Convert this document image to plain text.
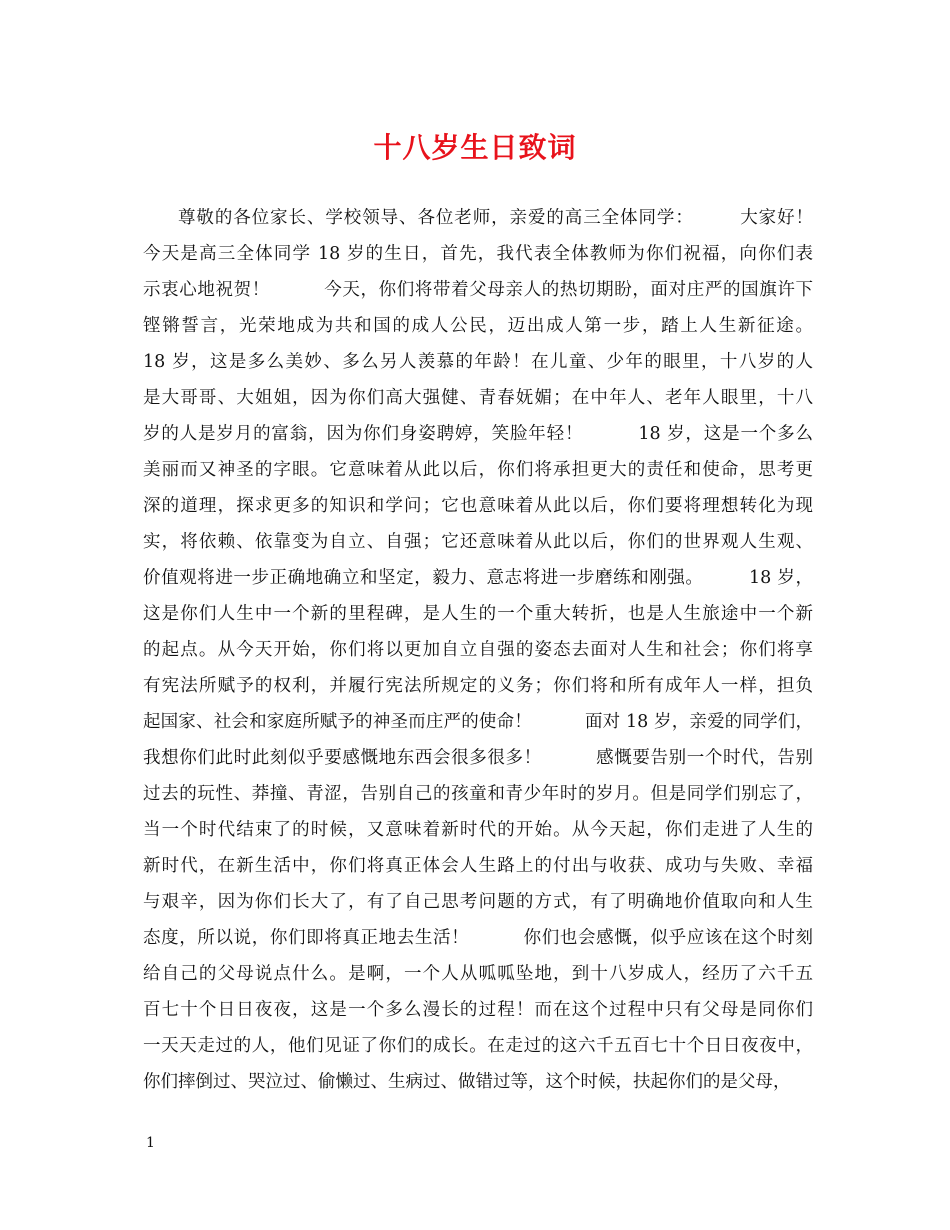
十八岁生日致词
尊敬的各位家长、学校领导、各位老师，亲爱的高三全体同学：　　　大家好！
今天是高三全体同学 18 岁的生日，首先，我代表全体教师为你们祝福，向你们表
示衷心地祝贺！　　　今天，你们将带着父母亲人的热切期盼，面对庄严的国旗许下
铿锵誓言，光荣地成为共和国的成人公民，迈出成人第一步，踏上人生新征途。
18 岁，这是多么美妙、多么另人羡慕的年龄！在儿童、少年的眼里，十八岁的人
是大哥哥、大姐姐，因为你们高大强健、青春妩媚；在中年人、老年人眼里，十八
岁的人是岁月的富翁，因为你们身姿聘婷，笑脸年轻！　　　18 岁，这是一个多么
美丽而又神圣的字眼。它意味着从此以后，你们将承担更大的责任和使命，思考更
深的道理，探求更多的知识和学问；它也意味着从此以后，你们要将理想转化为现
实，将依赖、依靠变为自立、自强；它还意味着从此以后，你们的世界观人生观、
价值观将进一步正确地确立和坚定，毅力、意志将进一步磨练和刚强。　　　18 岁，
这是你们人生中一个新的里程碑，是人生的一个重大转折，也是人生旅途中一个新
的起点。从今天开始，你们将以更加自立自强的姿态去面对人生和社会；你们将享
有宪法所赋予的权利，并履行宪法所规定的义务；你们将和所有成年人一样，担负
起国家、社会和家庭所赋予的神圣而庄严的使命！　　　面对 18 岁，亲爱的同学们，
我想你们此时此刻似乎要感慨地东西会很多很多！　　　感慨要告别一个时代，告别
过去的玩性、莽撞、青涩，告别自己的孩童和青少年时的岁月。但是同学们别忘了，
当一个时代结束了的时候，又意味着新时代的开始。从今天起，你们走进了人生的
新时代，在新生活中，你们将真正体会人生路上的付出与收获、成功与失败、幸福
与艰辛，因为你们长大了，有了自己思考问题的方式，有了明确地价值取向和人生
态度，所以说，你们即将真正地去生活！　　　你们也会感慨，似乎应该在这个时刻
给自己的父母说点什么。是啊，一个人从呱呱坠地，到十八岁成人，经历了六千五
百七十个日日夜夜，这是一个多么漫长的过程！而在这个过程中只有父母是同你们
一天天走过的人，他们见证了你们的成长。在走过的这六千五百七十个日日夜夜中，
你们摔倒过、哭泣过、偷懒过、生病过、做错过等，这个时候，扶起你们的是父母，
1
